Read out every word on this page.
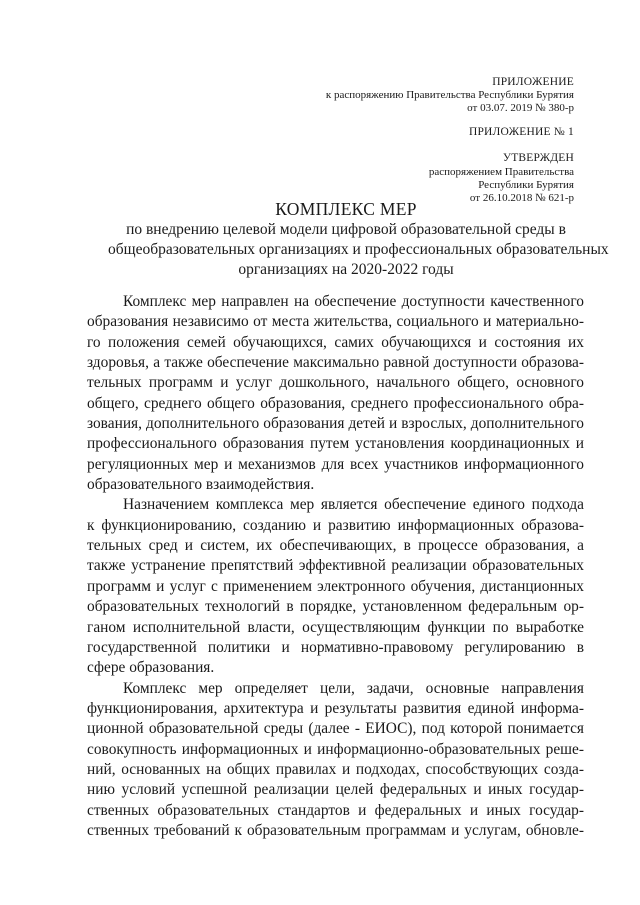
ПРИЛОЖЕНИЕ

к распоряжению Правительства Республики Бурятия

от 03.07. 2019 № 380-р

ПРИЛОЖЕНИЕ № 1

УТВЕРЖДЕН

распоряжением Правительства

Республики Бурятия

от 26.10.2018 № 621-р

КОМПЛЕКС МЕР
по внедрению целевой модели цифровой образовательной среды в
общеобразовательных организациях и профессиональных образовательных
организациях на 2020-2022 годы
Комплекс мер направлен на обеспечение доступности качественного
образования независимо от места жительства, социального и материально-
го положения семей обучающихся, самих обучающихся и состояния их
здоровья, а также обеспечение максимально равной доступности образова-
тельных программ и услуг дошкольного, начального общего, основного
общего, среднего общего образования, среднего профессионального обра-
зования, дополнительного образования детей и взрослых, дополнительного
профессионального образования путем установления координационных и
регуляционных мер и механизмов для всех участников информационного
образовательного взаимодействия.
Назначением комплекса мер является обеспечение единого подхода
к функционированию, созданию и развитию информационных образова-
тельных сред и систем, их обеспечивающих, в процессе образования, а
также устранение препятствий эффективной реализации образовательных
программ и услуг с применением электронного обучения, дистанционных
образовательных технологий в порядке, установленном федеральным ор-
ганом исполнительной власти, осуществляющим функции по выработке
государственной политики и нормативно-правовому регулированию в
сфере образования.
Комплекс мер определяет цели, задачи, основные направления
функционирования, архитектура и результаты развития единой информа-
ционной образовательной среды (далее - ЕИОС), под которой понимается
совокупность информационных и информационно-образовательных реше-
ний, основанных на общих правилах и подходах, способствующих созда-
нию условий успешной реализации целей федеральных и иных государ-
ственных образовательных стандартов и федеральных и иных государ-
ственных требований к образовательным программам и услугам, обновле-
